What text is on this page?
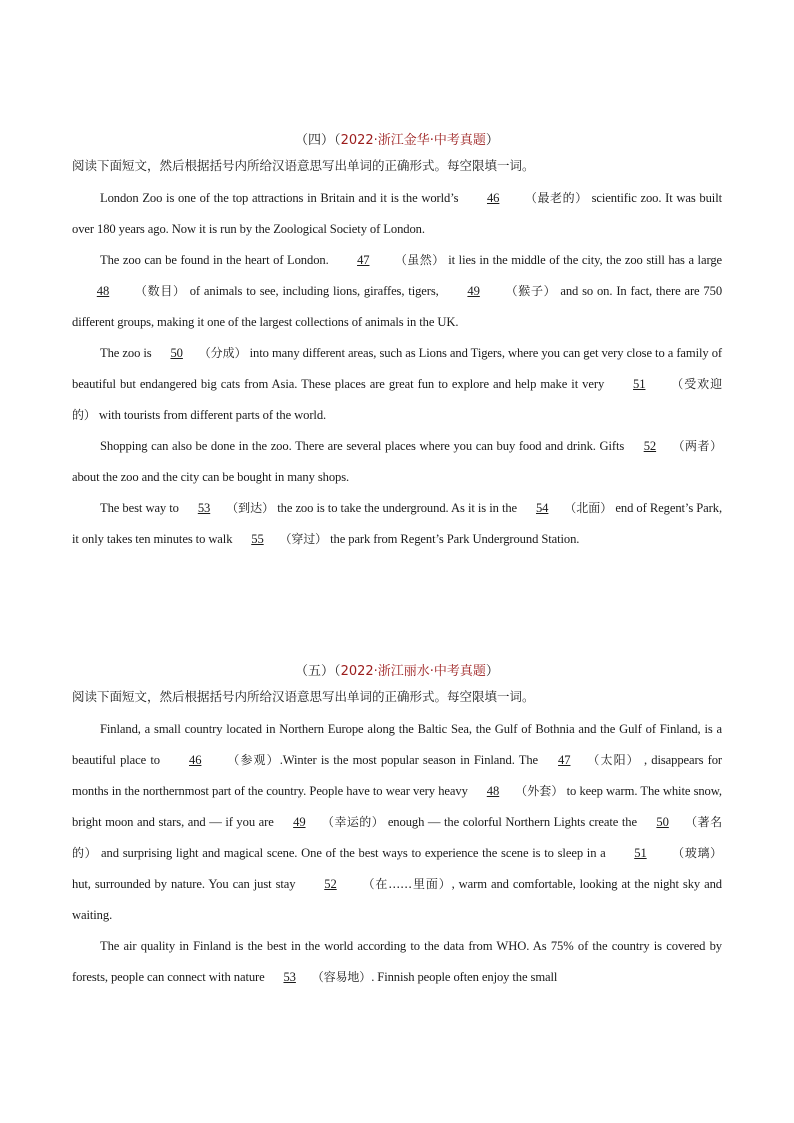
（四）（2022·浙江金华·中考真题）

阅读下面短文，然后根据括号内所给汉语意思写出单词的正确形式。每空限填一词。

London Zoo is one of the top attractions in Britain and it is the world’s 46 （最老的） scientific zoo. It was built over 180 years ago. Now it is run by the Zoological Society of London.

The zoo can be found in the heart of London. 47 （虽然） it lies in the middle of the city, the zoo still has a large 48 （数目） of animals to see, including lions, giraffes, tigers, 49 （猴子） and so on. In fact, there are 750 different groups, making it one of the largest collections of animals in the UK.

The zoo is 50 （分成） into many different areas, such as Lions and Tigers, where you can get very close to a family of beautiful but endangered big cats from Asia. These places are great fun to explore and help make it very 51 （受欢迎的） with tourists from different parts of the world.

Shopping can also be done in the zoo. There are several places where you can buy food and drink. Gifts 52 （两者） about the zoo and the city can be bought in many shops.

The best way to 53 （到达） the zoo is to take the underground. As it is in the 54 （北面） end of Regent’s Park, it only takes ten minutes to walk 55 （穿过） the park from Regent’s Park Underground Station.

（五）（2022·浙江丽水·中考真题）

阅读下面短文，然后根据括号内所给汉语意思写出单词的正确形式。每空限填一词。

Finland, a small country located in Northern Europe along the Baltic Sea, the Gulf of Bothnia and the Gulf of Finland, is a beautiful place to 46 （参观）.Winter is the most popular season in Finland. The 47 （太阳） , disappears for months in the northernmost part of the country. People have to wear very heavy 48 （外套） to keep warm. The white snow, bright moon and stars, and — if you are 49 （幸运的） enough — the colorful Northern Lights create the 50 （著名的） and surprising light and magical scene. One of the best ways to experience the scene is to sleep in a 51 （玻璃） hut, surrounded by nature. You can just stay 52 （在……里面）, warm and comfortable, looking at the night sky and waiting.

The air quality in Finland is the best in the world according to the data from WHO. As 75% of the country is covered by forests, people can connect with nature 53 （容易地）. Finnish people often enjoy the small
